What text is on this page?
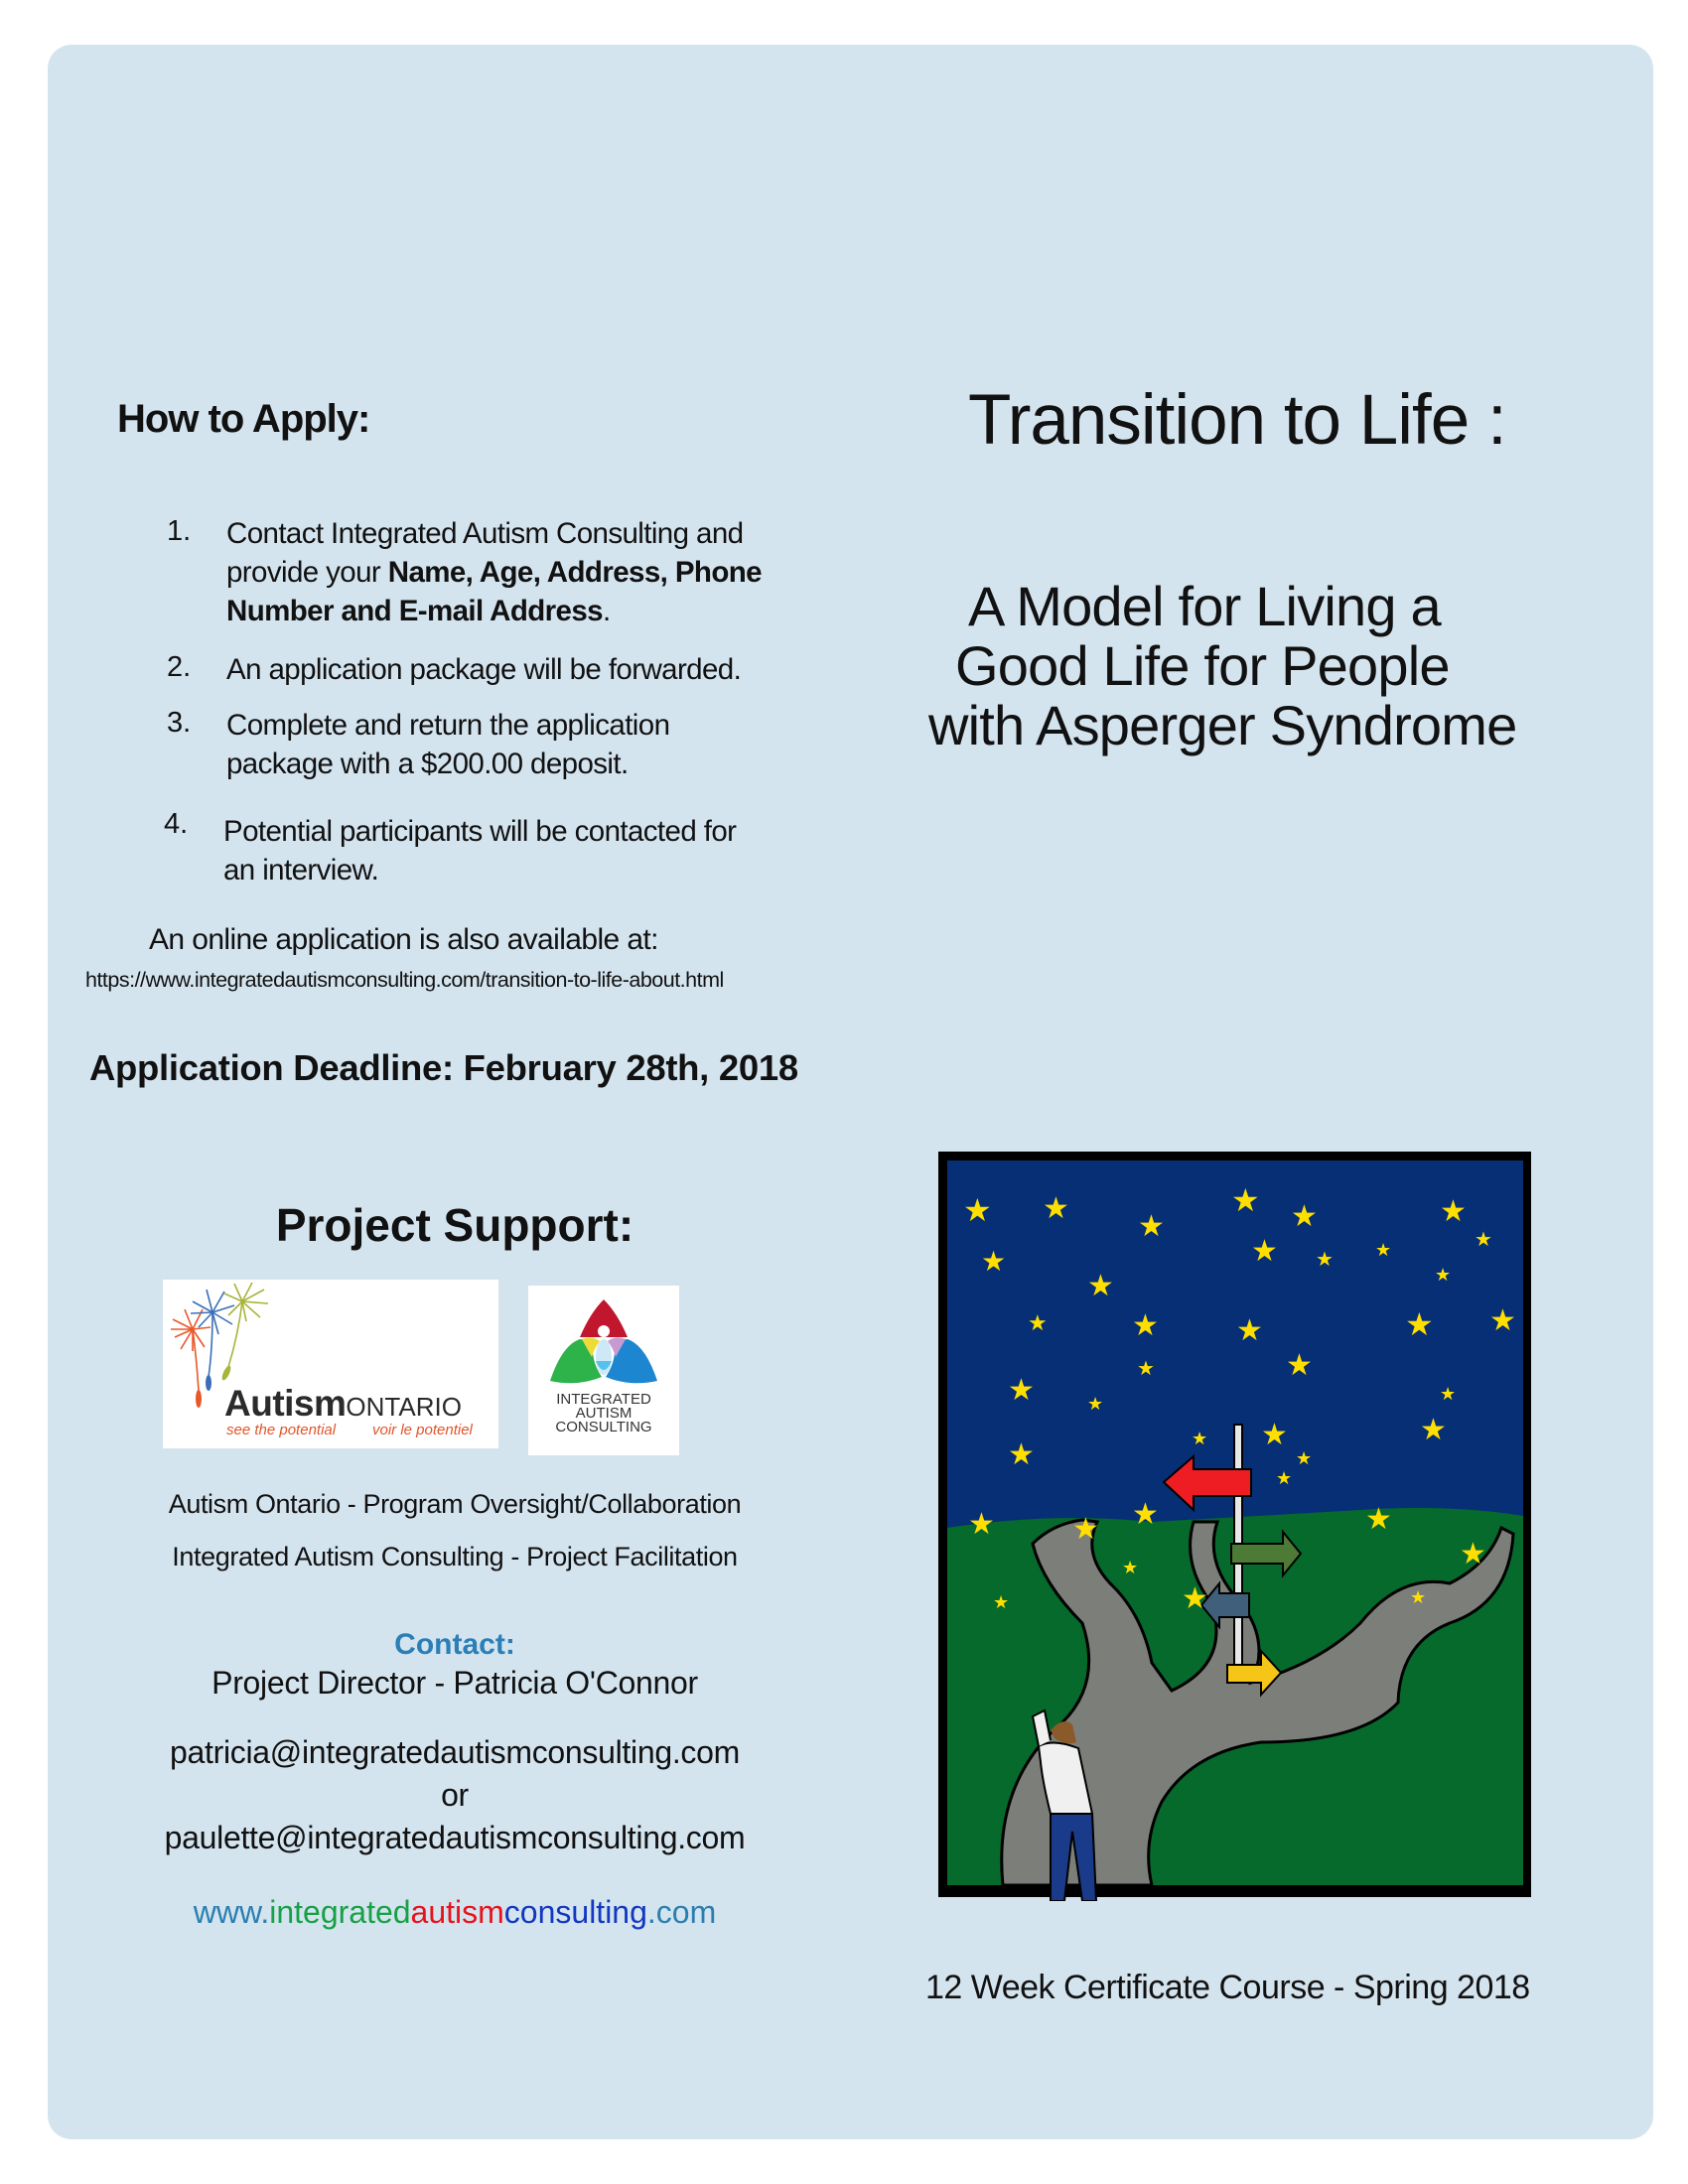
How to Apply:
1. Contact Integrated Autism Consulting and
provide your Name, Age, Address, Phone
Number and E-mail Address.
2. An application package will be forwarded.
3. Complete and return the application
package with a $200.00 deposit.
4. Potential participants will be contacted for
an interview.
An online application is also available at:
https://www.integratedautismconsulting.com/transition-to-life-about.html
Application Deadline: February 28th, 2018
Project Support:
AutismONTARIO
see the potential voir le potentiel
INTEGRATED
AUTISM
CONSULTING
Autism Ontario - Program Oversight/Collaboration
Integrated Autism Consulting - Project Facilitation
Contact:
Project Director - Patricia O'Connor
patricia@integratedautismconsulting.com
or
paulette@integratedautismconsulting.com
www.integratedautismconsulting.com
Transition to Life :
A Model for Living a
Good Life for People
with Asperger Syndrome
★ ★
★
★
★ ★
★ ★ ★
★
★
★
★
★	★	★	★ ★
★
★
★	★	★
★
★
★
★	★
★
★	★ ★	★
★
★
★	★	★
12 Week Certificate Course - Spring 2018
